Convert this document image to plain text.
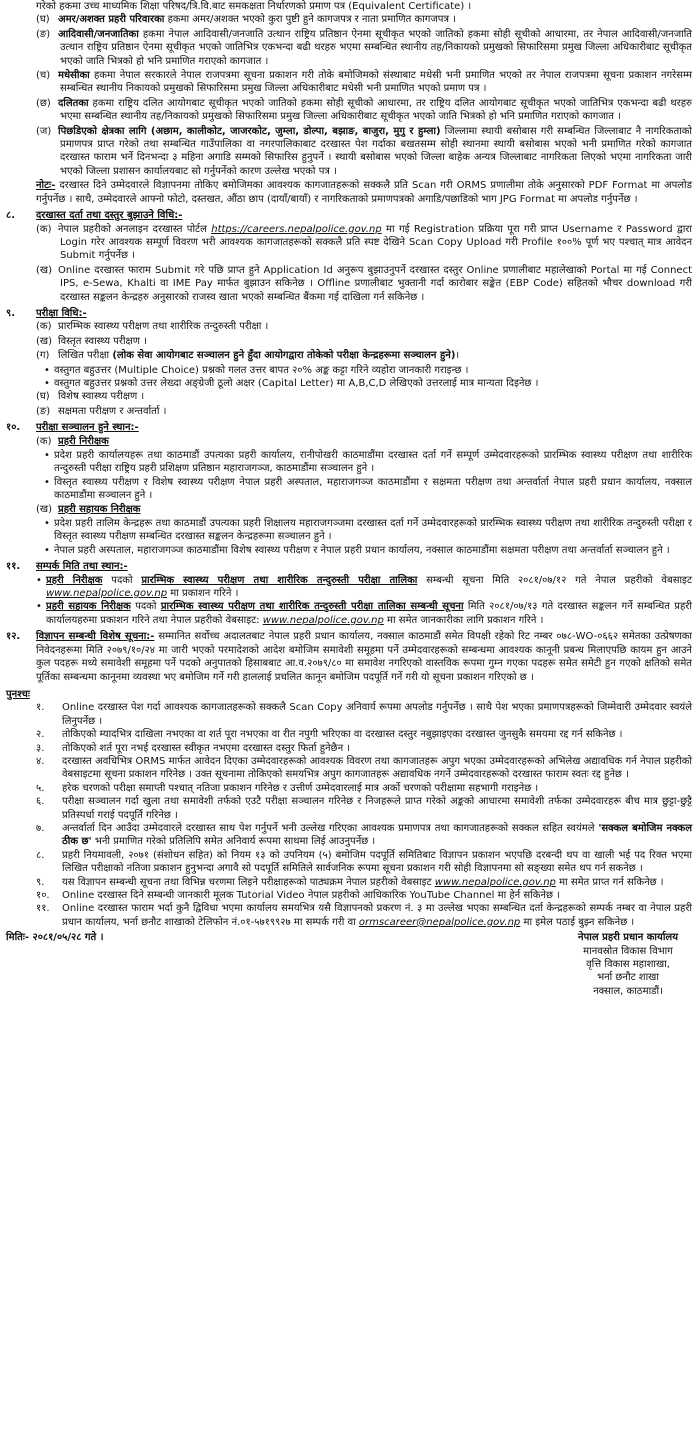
गरेको हकमा उच्च माध्यमिक शिक्षा परिषद/त्रि.वि.बाट समकक्षता निर्धारणको प्रमाण पत्र (Equivalent Certificate) ।
(घ) अमर/अशक्त प्रहरी परिवारका हकमा अमर/अशक्त भएको कुरा पुष्टी हुने कागजपत्र र नाता प्रमाणित कागजपत्र ।
(ङ) आदिवासी/जनजातिका हकमा नेपाल आदिवासी/जनजाति उत्थान राष्ट्रिय प्रतिष्ठान ऐनमा सूचीकृत भएको जातिको हकमा सोही सूचीको आधारमा, तर नेपाल आदिवासी/जनजाति उत्थान राष्ट्रिय प्रतिष्ठान ऐनमा सूचीकृत भएको जातिभित्र एकभन्दा बढी थरहरु भएमा सम्बन्धित स्थानीय तह/निकायको प्रमुखको सिफारिसमा प्रमुख जिल्ला अधिकारीबाट सूचीकृत भएको जाति भित्रको हो भनि प्रमाणित गराएको कागजात ।
(च) मधेसीका हकमा नेपाल सरकारले नेपाल राजपत्रमा सूचना प्रकाशन गरी तोके बमोजिमको संस्थाबाट मधेसी भनी प्रमाणित भएको तर नेपाल राजपत्रमा सूचना प्रकाशन नगरेसम्म सम्बन्धित स्थानीय निकायको प्रमुखको सिफारिसमा प्रमुख जिल्ला अधिकारीबाट मधेसी भनी प्रमाणित भएको प्रमाण पत्र ।
(छ) दलितका हकमा राष्ट्रिय दलित आयोगबाट सूचीकृत भएको जातिको हकमा सोही सूचीको आधारमा, तर राष्ट्रिय दलित आयोगबाट सूचीकृत भएको जातिभित्र एकभन्दा बढी थरहरु भएमा सम्बन्धित स्थानीय तह/निकायको प्रमुखको सिफारिसमा प्रमुख जिल्ला अधिकारीबाट सूचीकृत भएको जाति भित्रको हो भनि प्रमाणित गराएको कागजात ।
(ज) पिछडिएको क्षेत्रका लागि (अछाम, कालीकोट, जाजरकोट, जुम्ला, डोल्पा, बझाङ, बाजुरा, मुगु र हुम्ला) जिल्लामा स्थायी बसोबास गरी सम्बन्धित जिल्लाबाट नै नागरिकताको प्रमाणपत्र प्राप्त गरेको तथा सम्बन्धित गाउँपालिका वा नगरपालिकाबाट दरखास्त पेश गर्दाका बखतसम्म सोही स्थानमा स्थायी बसोबास भएको भनी प्रमाणित गरेको कागजात दरखास्त फाराम भर्ने दिनभन्दा ३ महिना अगाडि सम्मको सिफारिस हुनुपर्ने । स्थायी बसोबास भएको जिल्ला बाहेक अन्यत्र जिल्लाबाट नागरिकता लिएको भएमा नागरिकता जारी भएको जिल्ला प्रशासन कार्यालयबाट सो गर्नुपर्नेको कारण उल्लेख भएको पत्र ।
नोटः- दरखास्त दिने उम्मेदवारले विज्ञापनमा तोकिए बमोजिमका आवश्यक कागजातहरूको सक्कलै प्रति Scan गरी ORMS प्रणालीमा तोके अनुसारको PDF Format मा अपलोड गर्नुपर्नेछ । साथै, उम्मेदवारले आफ्नो फोटो, दस्तखत, औंठा छाप (दायाँ/बायाँ) र नागरिकताको प्रमाणपत्रको अगाडि/पछाडिको भाग JPG Format मा अपलोड गर्नुपर्नेछ ।
८.	दरखास्त दर्ता तथा दस्तुर बुझाउने विधि:-
(क) नेपाल प्रहरीको अनलाइन दरखास्त पोर्टल https://careers.nepalpolice.gov.np मा गई Registration प्रक्रिया पूरा गरी प्राप्त Username र Password द्वारा Login गरेर आवश्यक सम्पूर्ण विवरण भरी आवश्यक कागजातहरूको सक्कलै प्रति स्पष्ट देखिने Scan Copy Upload गरी Profile १००% पूर्ण भए पश्चात् मात्र आवेदन Submit गर्नुपर्नेछ ।
(ख) Online दरखास्त फाराम Submit गरे पछि प्राप्त हुने Application Id अनुरूप बुझाउनुपर्ने दरखास्त दस्तुर Online प्रणालीबाट महालेखाको Portal मा गई Connect IPS, e-Sewa, Khalti वा IME Pay मार्फत बुझाउन सकिनेछ । Offline प्रणालीबाट भुक्तानी गर्दा कारोबार सङ्केत (EBP Code) सहितको भौचर download गरी दरखास्त सङ्कलन केन्द्रहरु अनुसारको राजस्व खाता भएको सम्बन्धित बैंकमा गई दाखिला गर्न सकिनेछ ।
९.	परीक्षा विधि:-
(क) प्रारम्भिक स्वास्थ्य परीक्षण तथा शारीरिक तन्दुरुस्ती परीक्षा ।
(ख) विस्तृत स्वास्थ्य परीक्षण ।
(ग) लिखित परीक्षा (लोक सेवा आयोगबाट सञ्चालन हुने हुँदा आयोगद्वारा तोकेको परीक्षा केन्द्रहरूमा सञ्चालन हुने)।
• वस्तुगत बहुउत्तर (Multiple Choice) प्रश्नको गलत उत्तर बापत २०% अङ्क कट्टा गरिने व्यहोरा जानकारी गराइन्छ ।
• वस्तुगत बहुउत्तर प्रश्नको उत्तर लेख्दा अङ्ग्रेजी ठूलो अक्षर (Capital Letter) मा A,B,C,D लेखिएको उत्तरलाई मात्र मान्यता दिइनेछ ।
(घ) विशेष स्वास्थ्य परीक्षण ।
(ङ) सक्षमता परीक्षण र अन्तर्वार्ता ।
१०.	परीक्षा सञ्चालन हुने स्थान:-
(क) प्रहरी निरीक्षक
• प्रदेश प्रहरी कार्यालयहरू तथा काठमाडौं उपत्यका प्रहरी कार्यालय, रानीपोखरी काठमाडौंमा दरखास्त दर्ता गर्ने सम्पूर्ण उम्मेदवारहरूको प्रारम्भिक स्वास्थ्य परीक्षण तथा शारीरिक तन्दुरुस्ती परीक्षा राष्ट्रिय प्रहरी प्रशिक्षण प्रतिष्ठान महाराजगञ्ज, काठमाडौंमा सञ्चालन हुने ।
• विस्तृत स्वास्थ्य परीक्षण र विशेष स्वास्थ्य परीक्षण नेपाल प्रहरी अस्पताल, महाराजगञ्ज काठमाडौंमा र सक्षमता परीक्षण तथा अन्तर्वार्ता नेपाल प्रहरी प्रधान कार्यालय, नक्साल काठमाडौंमा सञ्चालन हुने ।
(ख) प्रहरी सहायक निरीक्षक
• प्रदेश प्रहरी तालिम केन्द्रहरू तथा काठमाडौं उपत्यका प्रहरी शिक्षालय महाराजगञ्जमा दरखास्त दर्ता गर्ने उम्मेदवारहरूको प्रारम्भिक स्वास्थ्य परीक्षण तथा शारीरिक तन्दुरुस्ती परीक्षा र विस्तृत स्वास्थ्य परीक्षण सम्बन्धित दरखास्त सङ्कलन केन्द्रहरूमा सञ्चालन हुने ।
• नेपाल प्रहरी अस्पताल, महाराजगञ्ज काठमाडौंमा विशेष स्वास्थ्य परीक्षण र नेपाल प्रहरी प्रधान कार्यालय, नक्साल काठमाडौंमा सक्षमता परीक्षण तथा अन्तर्वार्ता सञ्चालन हुने ।
११.	सम्पर्क मिति तथा स्थान:-
• प्रहरी निरीक्षक पदको प्रारम्भिक स्वास्थ्य परीक्षण तथा शारीरिक तन्दुरुस्ती परीक्षा तालिका सम्बन्धी सूचना मिति २०८१/०७/१२ गते नेपाल प्रहरीको वेबसाइट www.nepalpolice.gov.np मा प्रकाशन गरिने ।
• प्रहरी सहायक निरीक्षक पदको प्रारम्भिक स्वास्थ्य परीक्षण तथा शारीरिक तन्दुरुस्ती परीक्षा तालिका सम्बन्धी सूचना मिति २०८१/०७/१३ गते दरखास्त सङ्कलन गर्ने सम्बन्धित प्रहरी कार्यालयहरुमा प्रकाशन गरिने तथा नेपाल प्रहरीको वेबसाइट: www.nepalpolice.gov.np मा समेत जानकारीका लागि प्रकाशन गरिने ।
१२.	विज्ञापन सम्बन्धी विशेष सूचना:- सम्मानित सर्वोच्च अदालतबाट नेपाल प्रहरी प्रधान कार्यालय, नक्साल काठमाडौं समेत विपक्षी रहेको रिट नम्बर ०७८-WO-०६६२ समेतका उत्प्रेषणका निवेदनहरूमा मिति २०७९/१०/२४ मा जारी भएको परमादेशको आदेश बमोजिम समावेशी समूहमा पर्ने उम्मेदवारहरूको सम्बन्धमा आवश्यक कानूनी प्रबन्ध मिलाएपछि कायम हुन आउने कुल पदहरू मध्ये समावेशी समूहमा पर्ने पदको अनुपातको हिसाबबाट आ.व.२०७९/८० मा समावेश नगरिएको वास्तविक रूपमा गुम्न गएका पदहरू समेत समेटी हुन गएको क्षतिको समेत पूर्तिका सम्बन्धमा कानूनमा व्यवस्था भए बमोजिम गर्ने गरी हाललाई प्रचलित कानून बमोजिम पदपूर्ति गर्ने गरी यो सूचना प्रकाशन गरिएको छ ।
पुनश्चः
१.	Online दरखास्त पेश गर्दा आवश्यक कागजातहरूको सक्कलै Scan Copy अनिवार्य रूपमा अपलोड गर्नुपर्नेछ । साथै पेश भएका प्रमाणपत्रहरूको जिम्मेवारी उम्मेदवार स्वयंले लिनुपर्नेछ ।
२.	तोकिएको म्यादभित्र दाखिला नभएका वा शर्त पूरा नभएका वा रीत नपुगी भरिएका वा दरखास्त दस्तुर नबुझाइएका दरखास्त जुनसुकै समयमा रद्द गर्न सकिनेछ ।
३.	तोकिएको शर्त पूरा नभई दरखास्त स्वीकृत नभएमा दरखास्त दस्तुर फिर्ता हुनेछैन ।
४.	दरखास्त अवधिभित्र ORMS मार्फत आवेदन दिएका उम्मेदवारहरूको आवश्यक विवरण तथा कागजातहरू अपुग भएका उम्मेदवारहरूको अभिलेख अद्यावधिक गर्न नेपाल प्रहरीको वेबसाइटमा सूचना प्रकाशन गरिनेछ । उक्त सूचनामा तोकिएको समयभित्र अपुग कागजातहरू अद्यावधिक नगर्ने उम्मेदवारहरूको दरखास्त फाराम स्वतः रद्द हुनेछ ।
५.	हरेक चरणको परीक्षा समाप्ती पश्चात् नतिजा प्रकाशन गरिनेछ र उत्तीर्ण उम्मेदवारलाई मात्र अर्को चरणको परीक्षामा सहभागी गराइनेछ ।
६.	परीक्षा सञ्चालन गर्दा खुला तथा समावेशी तर्फको एउटै परीक्षा सञ्चालन गरिनेछ र निजहरूले प्राप्त गरेको अङ्कको आधारमा समावेशी तर्फका उम्मेदवारहरू बीच मात्र छुट्टा-छुट्टै प्रतिस्पर्धा गराई पदपूर्ति गरिनेछ ।
७.	अन्तर्वार्ता दिन आउँदा उम्मेदवारले दरखास्त साथ पेश गर्नुपर्ने भनी उल्लेख गरिएका आवश्यक प्रमाणपत्र तथा कागजातहरूको सक्कल सहित स्वयंमले 'सक्कल बमोजिम नक्कल ठीक छ' भनी प्रमाणित गरेको प्रतिलिपि समेत अनिवार्य रूपमा साथमा लिई आउनुपर्नेछ ।
८.	प्रहरी नियमावली, २०७१ (संशोधन सहित) को नियम १३ को उपनियम (५) बमोजिम पदपूर्ति समितिबाट विज्ञापन प्रकाशन भएपछि दरबन्दी थप वा खाली भई पद रिक्त भएमा लिखित परीक्षाको नतिजा प्रकाशन हुनुभन्दा अगावै सो पदपूर्ति समितिले सार्वजनिक रूपमा सूचना प्रकाशन गरी सोही विज्ञापनमा सो सङ्ख्या समेत थप गर्न सकनेछ ।
९.	यस विज्ञापन सम्बन्धी सूचना तथा विभिन्न चरणमा लिइने परीक्षाहरूको पाठ्यक्रम नेपाल प्रहरीको वेबसाइट www.nepalpolice.gov.np मा समेत प्राप्त गर्न सकिनेछ ।
१०.	Online दरखास्त दिने सम्बन्धी जानकारी मूलक Tutorial Video नेपाल प्रहरीको आधिकारिक YouTube Channel मा हेर्न सकिनेछ ।
११.	Online दरखास्त फाराम भर्दा कुनै द्विविधा भएमा कार्यालय समयभित्र यसै विज्ञापनको प्रकरण नं. ३ मा उल्लेख भएका सम्बन्धित दर्ता केन्द्रहरूको सम्पर्क नम्बर वा नेपाल प्रहरी प्रधान कार्यालय, भर्ना छनौट शाखाको टेलिफोन नं.०१-५७१९९२७ मा सम्पर्क गरी वा ormscareer@nepalpolice.gov.np मा इमेल पठाई बुझ्न सकिनेछ ।
मितिः- २०८१/०५/२८ गते ।	नेपाल प्रहरी प्रधान कार्यालय
मानवस्रोत विकास विभाग
वृत्ति विकास महाशाखा,
भर्ना छनौट शाखा
नक्साल, काठमाडौं।
